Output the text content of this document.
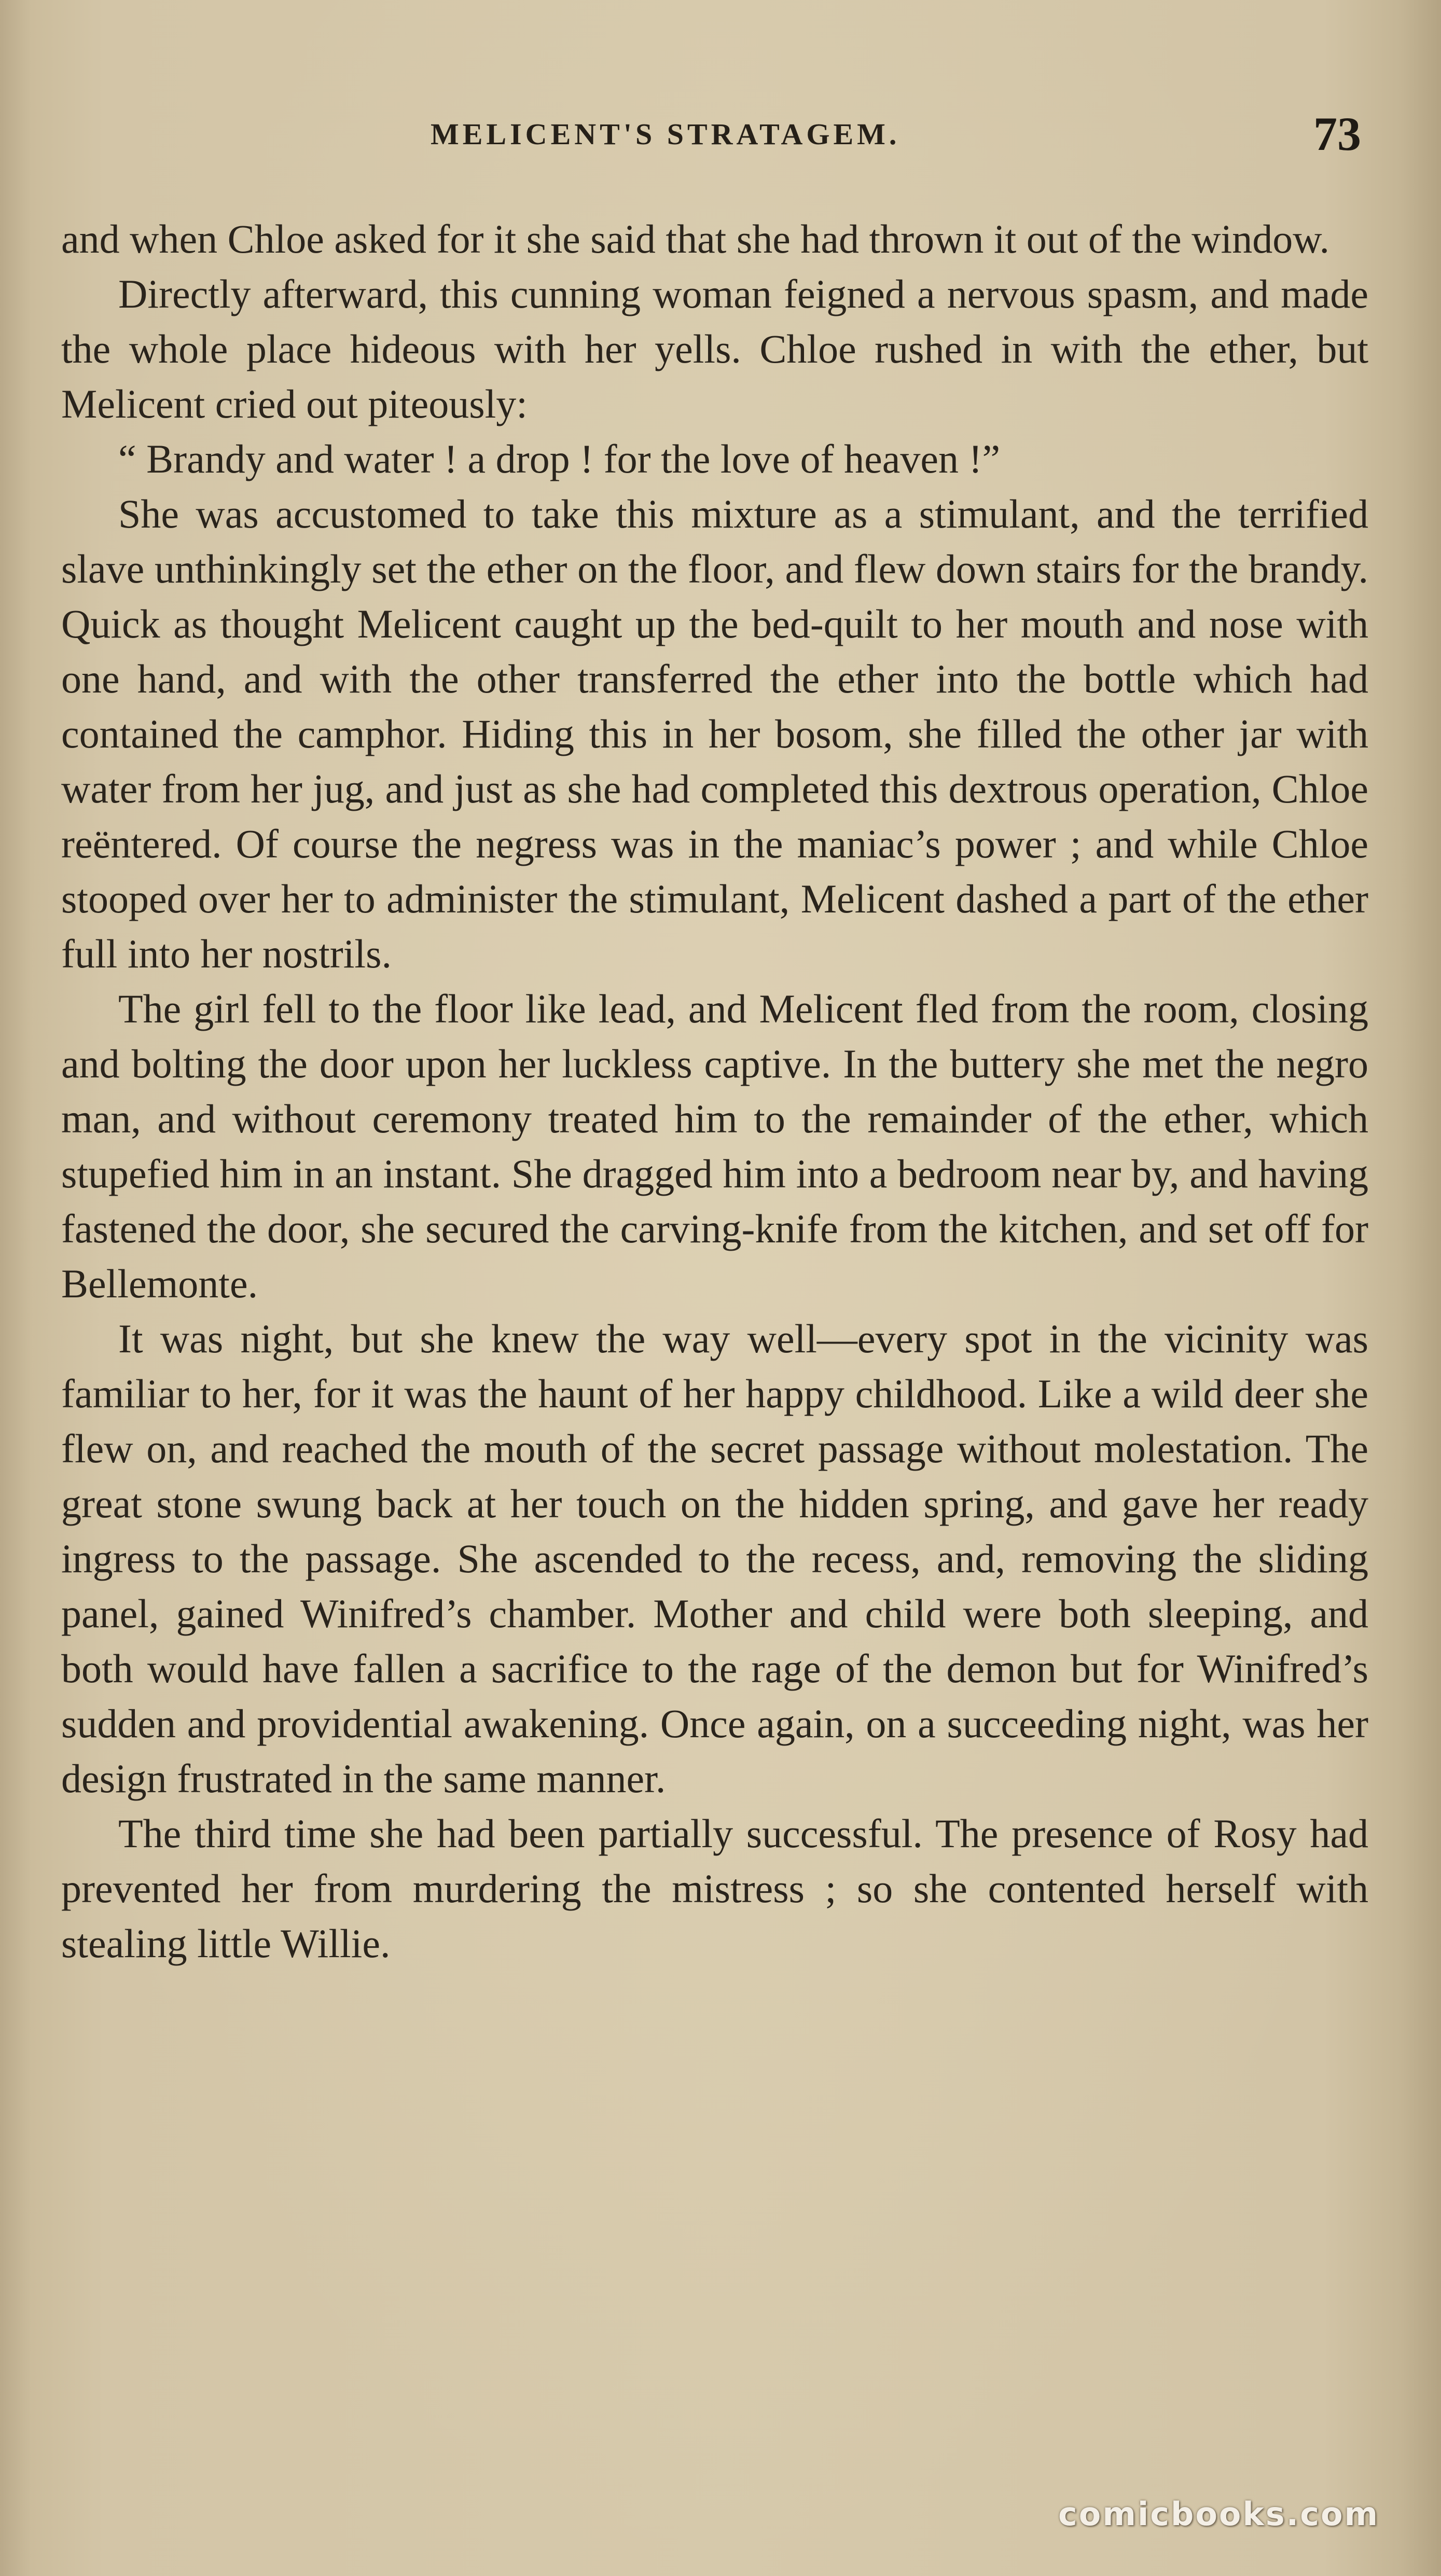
MELICENT'S STRATAGEM.	73

and when Chloe asked for it she said that she had thrown it out of the window.

Directly afterward, this cunning woman feigned a nervous spasm, and made the whole place hideous with her yells. Chloe rushed in with the ether, but Melicent cried out piteously:

“ Brandy and water ! a drop ! for the love of heaven !”

She was accustomed to take this mixture as a stimulant, and the terrified slave unthinkingly set the ether on the floor, and flew down stairs for the brandy. Quick as thought Melicent caught up the bed-quilt to her mouth and nose with one hand, and with the other transferred the ether into the bottle which had contained the camphor. Hiding this in her bosom, she filled the other jar with water from her jug, and just as she had completed this dextrous operation, Chloe reëntered. Of course the negress was in the maniac’s power ; and while Chloe stooped over her to administer the stimulant, Melicent dashed a part of the ether full into her nostrils.

The girl fell to the floor like lead, and Melicent fled from the room, closing and bolting the door upon her luckless captive. In the buttery she met the negro man, and without ceremony treated him to the remainder of the ether, which stupefied him in an instant. She dragged him into a bedroom near by, and having fastened the door, she secured the carving-knife from the kitchen, and set off for Bellemonte.

It was night, but she knew the way well—every spot in the vicinity was familiar to her, for it was the haunt of her happy childhood. Like a wild deer she flew on, and reached the mouth of the secret passage without molestation. The great stone swung back at her touch on the hidden spring, and gave her ready ingress to the passage. She ascended to the recess, and, removing the sliding panel, gained Winifred’s chamber. Mother and child were both sleeping, and both would have fallen a sacrifice to the rage of the demon but for Winifred’s sudden and providential awakening. Once again, on a succeeding night, was her design frustrated in the same manner.

The third time she had been partially successful. The presence of Rosy had prevented her from murdering the mistress ; so she contented herself with stealing little Willie.

comicbooks.com
